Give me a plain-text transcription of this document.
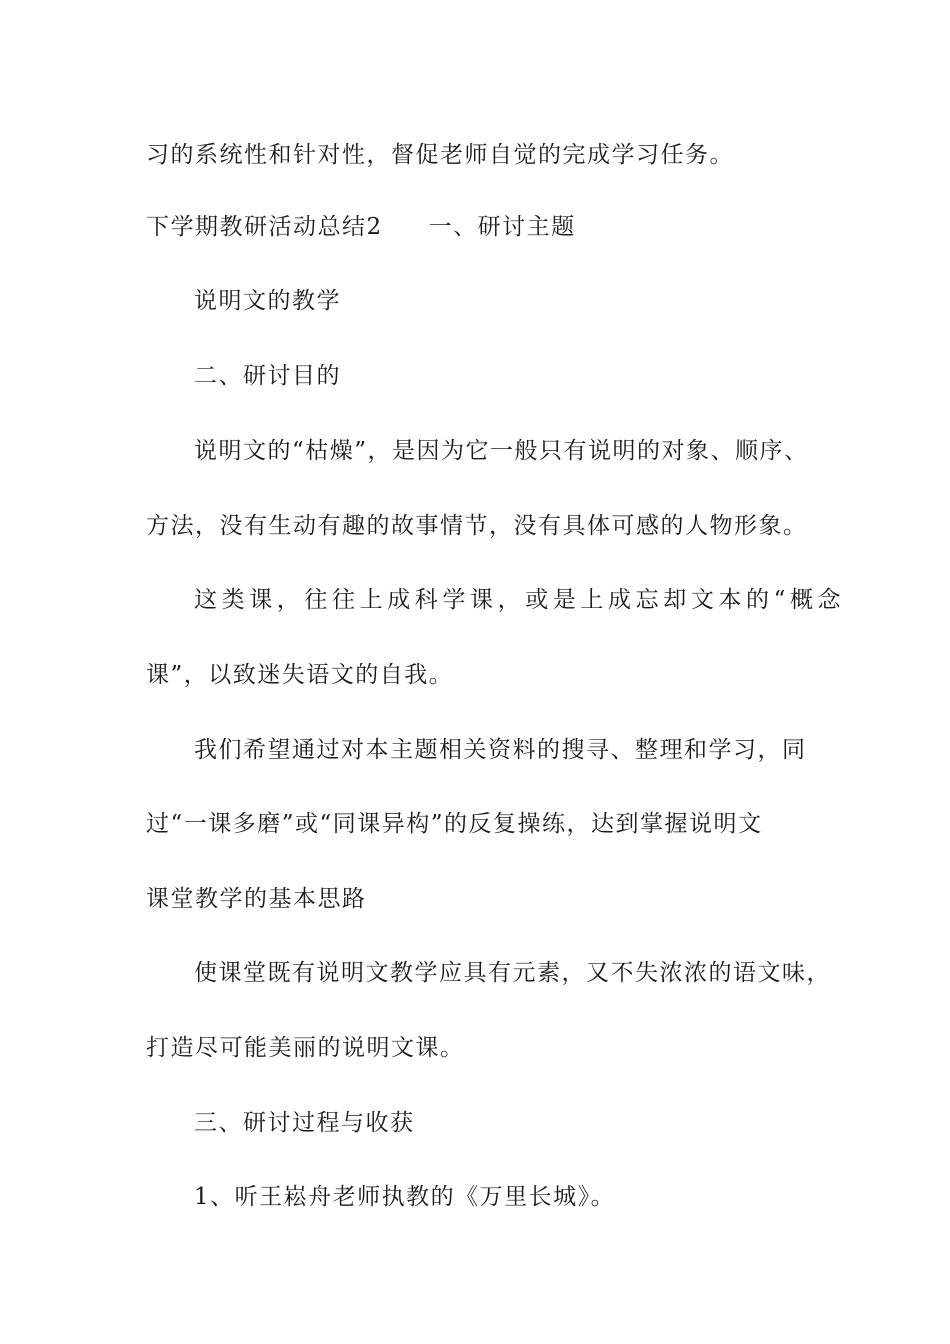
习的系统性和针对性，督促老师自觉的完成学习任务。

下学期教研活动总结2 一、研讨主题

说明文的教学

二、研讨目的

说明文的“枯燥”，是因为它一般只有说明的对象、顺序、

方法，没有生动有趣的故事情节，没有具体可感的人物形象。

这类课，往往上成科学课，或是上成忘却文本的“概念

课”，以致迷失语文的自我。

我们希望通过对本主题相关资料的搜寻、整理和学习，同

过“一课多磨”或“同课异构”的反复操练，达到掌握说明文

课堂教学的基本思路

使课堂既有说明文教学应具有元素，又不失浓浓的语文味，

打造尽可能美丽的说明文课。

三、研讨过程与收获

1、听王崧舟老师执教的《万里长城》。
